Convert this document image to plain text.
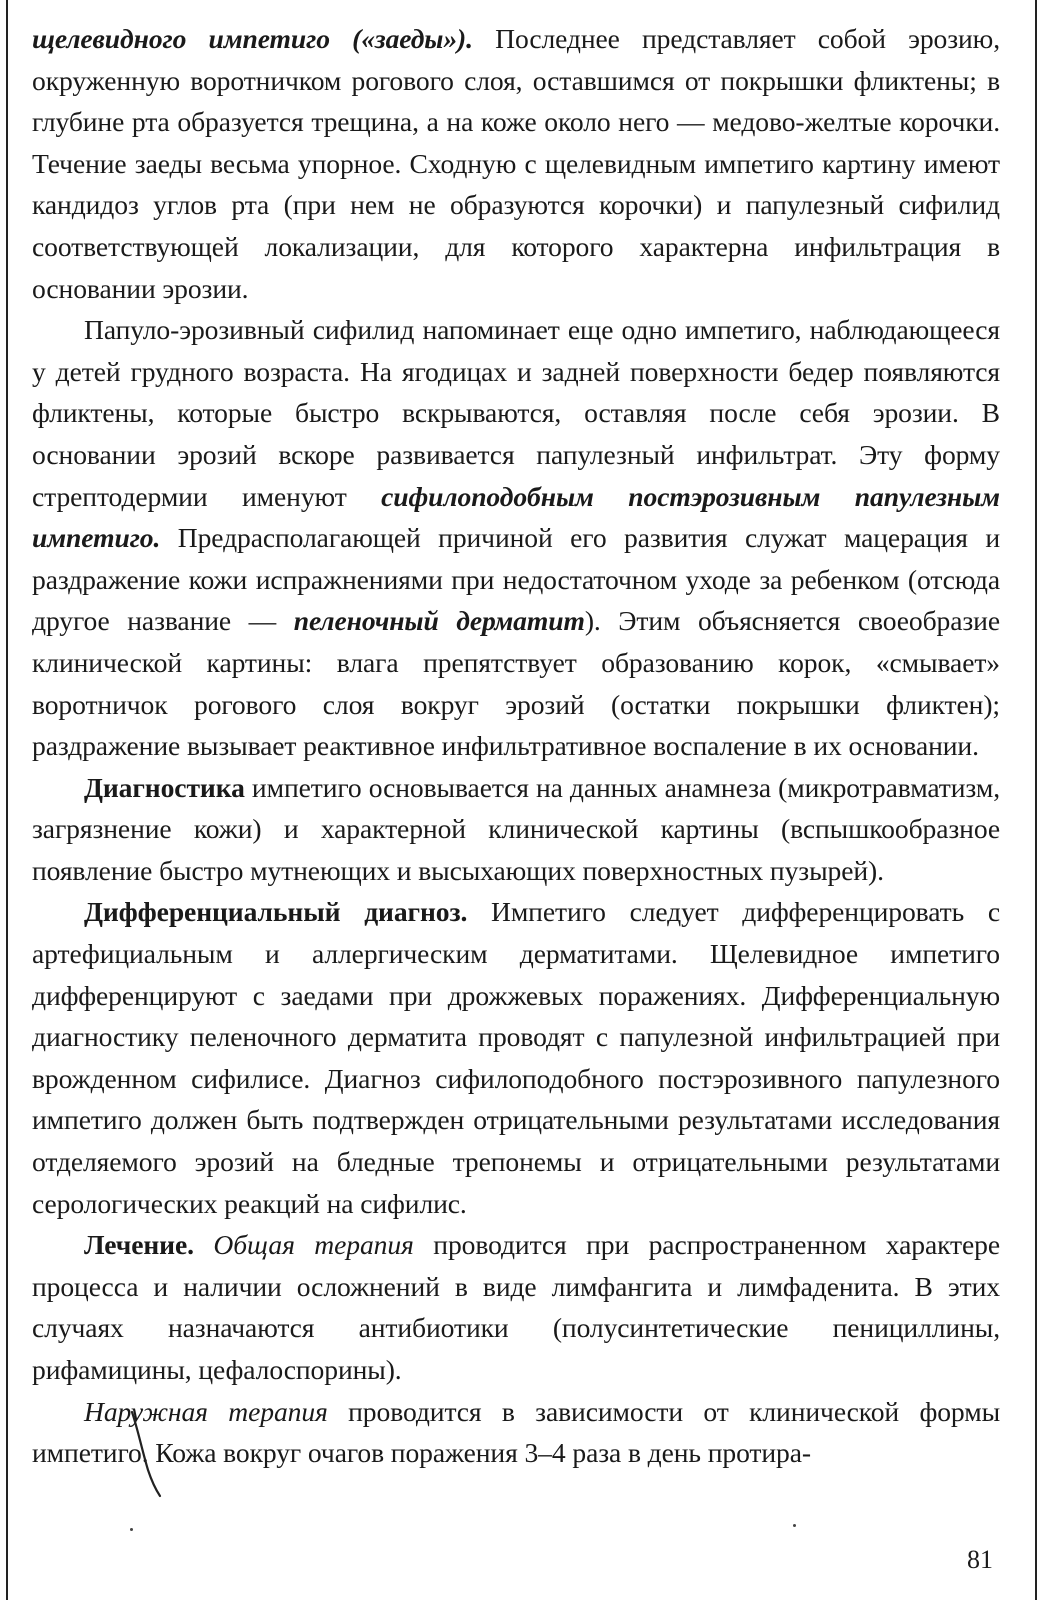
щелевидного импетиго («заеды»). Последнее представляет собой эрозию, окруженную воротничком рогового слоя, оставшимся от покрышки фликтены; в глубине рта образуется трещина, а на коже около него — медово-желтые корочки. Течение заеды весьма упорное. Сходную с щелевидным импетиго картину имеют кандидоз углов рта (при нем не образуются корочки) и папулезный сифилид соответствующей локализации, для которого характерна инфильтрация в основании эрозии.

Папуло-эрозивный сифилид напоминает еще одно импетиго, наблюдающееся у детей грудного возраста. На ягодицах и задней поверхности бедер появляются фликтены, которые быстро вскрываются, оставляя после себя эрозии. В основании эрозий вскоре развивается папулезный инфильтрат. Эту форму стрептодермии именуют сифилоподобным постэрозивным папулезным импетиго. Предрасполагающей причиной его развития служат мацерация и раздражение кожи испражнениями при недостаточном уходе за ребенком (отсюда другое название — пеленочный дерматит). Этим объясняется своеобразие клинической картины: влага препятствует образованию корок, «смывает» воротничок рогового слоя вокруг эрозий (остатки покрышки фликтен); раздражение вызывает реактивное инфильтративное воспаление в их основании.

Диагностика импетиго основывается на данных анамнеза (микротравматизм, загрязнение кожи) и характерной клинической картины (вспышкообразное появление быстро мутнеющих и высыхающих поверхностных пузырей).

Дифференциальный диагноз. Импетиго следует дифференцировать с артефициальным и аллергическим дерматитами. Щелевидное импетиго дифференцируют с заедами при дрожжевых поражениях. Дифференциальную диагностику пеленочного дерматита проводят с папулезной инфильтрацией при врожденном сифилисе. Диагноз сифилоподобного постэрозивного папулезного импетиго должен быть подтвержден отрицательными результатами исследования отделяемого эрозий на бледные трепонемы и отрицательными результатами серологических реакций на сифилис.

Лечение. Общая терапия проводится при распространенном характере процесса и наличии осложнений в виде лимфангита и лимфаденита. В этих случаях назначаются антибиотики (полусинтетические пенициллины, рифамицины, цефалоспорины).

Наружная терапия проводится в зависимости от клинической формы импетиго. Кожа вокруг очагов поражения 3–4 раза в день протира-

81
